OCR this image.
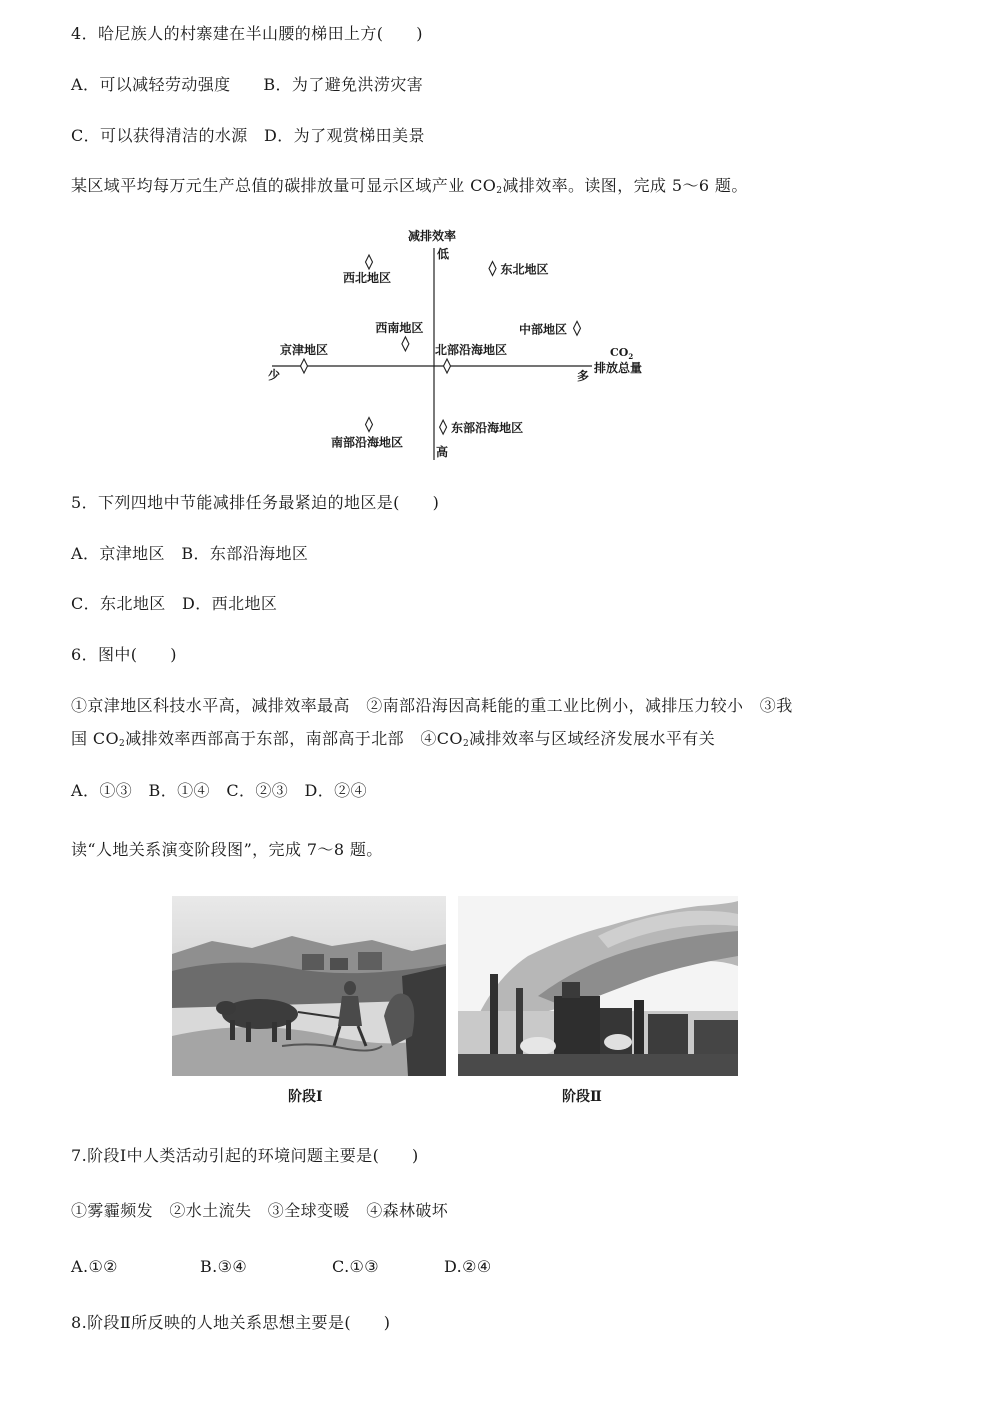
4．哈尼族人的村寨建在半山腰的梯田上方(　　)
A．可以减轻劳动强度　　B．为了避免洪涝灾害
C．可以获得清洁的水源　D．为了观赏梯田美景
某区域平均每万元生产总值的碳排放量可显示区域产业 $CO_2$减排效率。读图，完成 5～6 题。
减排效率
低
高
少	多
$CO_2$
排放总量
西北地区
东北地区
西南地区	中部地区
京津地区	北部沿海地区
南部沿海地区
东部沿海地区
5．下列四地中节能减排任务最紧迫的地区是(　　)
A．京津地区　B．东部沿海地区
C．东北地区　D．西北地区
6．图中(　　)
①京津地区科技水平高，减排效率最高　②南部沿海因高耗能的重工业比例小，减排压力较小　③我
国 $CO_2$减排效率西部高于东部，南部高于北部　$④CO_2$减排效率与区域经济发展水平有关
A．①③　B．①④　C．②③　D．②④
读“人地关系演变阶段图”，完成 7～8 题。
阶段Ⅰ	阶段Ⅱ
7.阶段Ⅰ中人类活动引起的环境问题主要是(　　)
①雾霾频发　②水土流失　③全球变暖　④森林破坏
A.①②	B.③④	C.①③	D.②④
8.阶段Ⅱ所反映的人地关系思想主要是(　　)
